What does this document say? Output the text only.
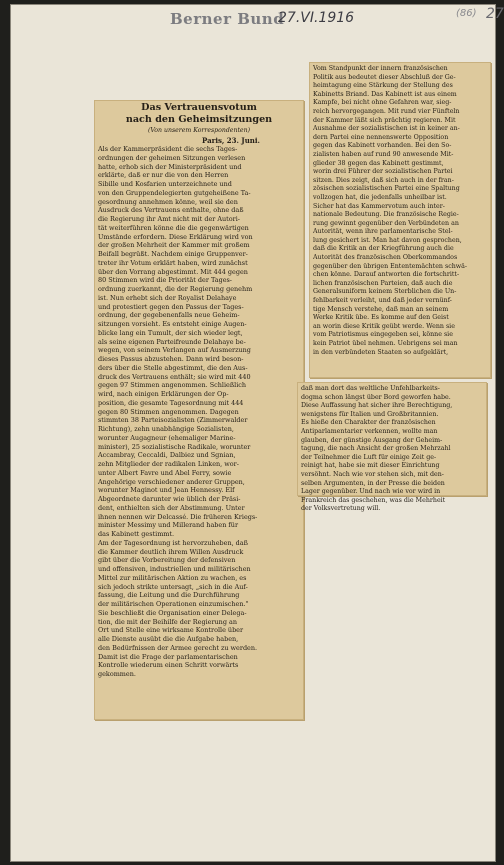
Berner Bund
27.VI.1916	(86) 27
Das Vertrauensvotum
nach den Geheimsitzungen
(Von unserem Korrespondenten)
Paris, 23. Juni.
Als der Kammerpräsident die sechs Tages-
ordnungen der geheimen Sitzungen verlesen
hatte, erhob sich der Ministerpräsident und
erklärte, daß er nur die von den Herren
Sibille und Kosfarien unterzeichnete und
von den Gruppendelegierten gutgeheißene Ta-
gesordnung annehmen könne, weil sie den
Ausdruck des Vertrauens enthalte, ohne daß
die Regierung ihr Amt nicht mit der Autori-
tät weiterführen könne die die gegenwärtigen
Umstände erfordern. Diese Erklärung wird von
der großen Mehrheit der Kammer mit großem
Beifall begrüßt. Nachdem einige Gruppenver-
treter ihr Votum erklärt haben, wird zunächst
über den Vorrang abgestimmt. Mit 444 gegen
80 Stimmen wird die Priorität der Tages-
ordnung zuerkannt, die der Regierung genehm
ist. Nun erhebt sich der Royalist Delahaye
und protestiert gegen den Passus der Tages-
ordnung, der gegebenenfalls neue Geheim-
sitzungen vorsieht. Es entsteht einige Augen-
blicke lang ein Tumult, der sich wieder legt,
als seine eigenen Parteifreunde Delahaye be-
wegen, von seinem Verlangen auf Ausmerzung
dieses Passus abzustehen. Dann wird beson-
ders über die Stelle abgestimmt, die den Aus-
druck des Vertrauens enthält; sie wird mit 440
gegen 97 Stimmen angenommen. Schließlich
wird, nach einigen Erklärungen der Op-
position, die gesamte Tagesordnung mit 444
gegen 80 Stimmen angenommen. Dagegen
stimmten 38 Parteisozialisten (Zimmerwalder
Richtung), zehn unabhängige Sozialisten,
worunter Augagneur (ehemaliger Marine-
minister), 25 sozialistische Radikale, worunter
Accambray, Ceccaldi, Dalbiez und Sgnian,
zehn Mitglieder der radikalen Linken, wor-
unter Albert Favre und Abel Ferry, sowie
Angehörige verschiedener anderer Gruppen,
worunter Maginot und Jean Hennessy. Elf
Abgeordnete darunter wie üblich der Präsi-
dent, enthielten sich der Abstimmung. Unter
ihnen nennen wir Delcassé. Die früheren Kriegs-
minister Messimy und Millerand haben für
das Kabinett gestimmt.
Am der Tagesordnung ist hervorzuheben, daß
die Kammer deutlich ihrem Willen Ausdruck
gibt über die Vorbereitung der defensiven
und offensiven, industriellen und militärischen
Mittel zur militärischen Aktion zu wachen, es
sich jedoch strikte untersagt, „sich in die Auf-
fassung, die Leitung und die Durchführung
der militärischen Operationen einzumischen."
Sie beschließt die Organisation einer Delega-
tion, die mit der Beihilfe der Regierung an
Ort und Stelle eine wirksame Kontrolle über
alle Dienste ausübt die die Aufgabe haben,
den Bedürfnissen der Armee gerecht zu werden.
Damit ist die Frage der parlamentarischen
Kontrolle wiederum einen Schritt vorwärts
gekommen.
Vom Standpunkt der innern französischen
Politik aus bedeutet dieser Abschluß der Ge-
heimtagung eine Stärkung der Stellung des
Kabinetts Briand. Das Kabinett ist aus einem
Kampfe, bei nicht ohne Gefahren war, sieg-
reich hervorgegangen. Mit rund vier Fünfteln
der Kammer läßt sich prächtig regieren. Mit
Ausnahme der sozialistischen ist in keiner an-
dern Partei eine nennenswerte Opposition
gegen das Kabinett vorhanden. Bei den So-
zialisten haben auf rund 90 anwesende Mit-
glieder 38 gegen das Kabinett gestimmt,
worin drei Führer der sozialistischen Partei
sitzen. Dies zeigt, daß sich auch in der fran-
zösischen sozialistischen Partei eine Spaltung
vollzogen hat, die jedenfalls unheilbar ist.
Sicher hat das Kammervotum auch inter-
nationale Bedeutung. Die französische Regie-
rung gewinnt gegenüber den Verbündeten an
Autorität, wenn ihre parlamentarische Stel-
lung gesichert ist. Man hat davon gesprochen,
daß die Kritik an der Kriegführung auch die
Autorität des französischen Oberkommandos
gegenüber den übrigen Ententemächten schwä-
chen könne. Darauf antworten die fortschritt-
lichen französischen Parteien, daß auch die
Generalsuniform keinem Sterblichen die Un-
fehlbarkeit verleiht, und daß jeder vernünf-
tige Mensch verstehe, daß man an seinem
Werke Kritik übe. Es komme auf den Geist
an worin diese Kritik geübt werde. Wenn sie
vom Patriotismus eingegeben sei, könne sie
kein Patriot übel nehmen. Uebrigens sei man
in den verbündeten Staaten so aufgeklärt,
daß man dort das weltliche Unfehlbarkeits-
dogma schon längst über Bord geworfen habe.
Diese Auffassung hat sicher ihre Berechtigung,
wenigstens für Italien und Großbritannien.
Es hieße den Charakter der französischen
Antiparlamentarier verkennen, wollte man
glauben, der günstige Ausgang der Geheim-
tagung, die nach Ansicht der großen Mehrzahl
der Teilnehmer die Luft für einige Zeit ge-
reinigt hat, habe sie mit dieser Einrichtung
versöhnt. Nach wie vor stehen sich, mit den-
selben Argumenten, in der Presse die beiden
Lager gegenüber. Und nach wie vor wird in
Frankreich das geschehen, was die Mehrheit
der Volksvertretung will.
